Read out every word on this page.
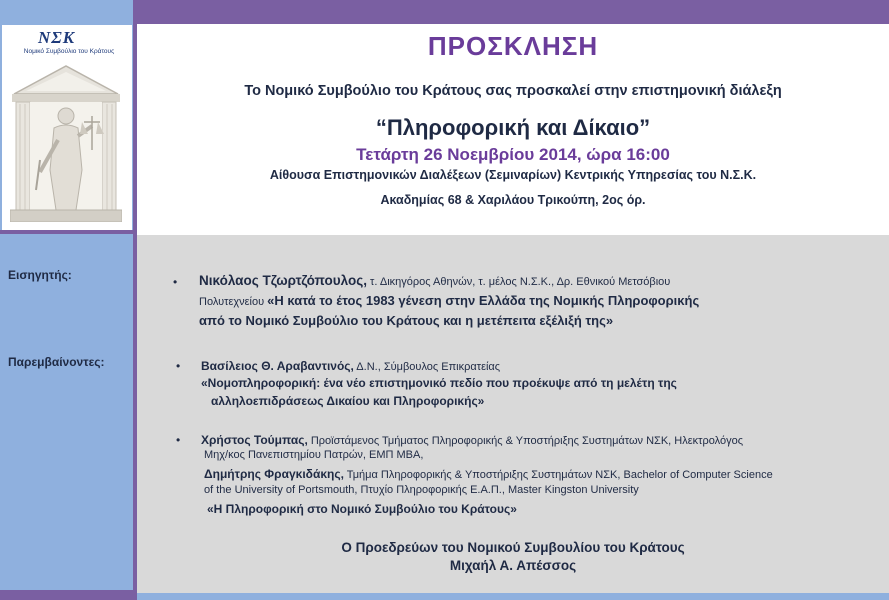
ΝΣΚ
Νομικό Συμβούλιο του Κράτους	ΠΡΟΣΚΛΗΣΗ
Το Νομικό Συμβούλιο του Κράτους σας προσκαλεί στην επιστημονική διάλεξη
“Πληροφορική και Δίκαιο”
Τετάρτη 26 Νοεμβρίου 2014, ώρα 16:00
Αίθουσα Επιστημονικών Διαλέξεων (Σεμιναρίων) Κεντρικής Υπηρεσίας του Ν.Σ.Κ.
Ακαδημίας 68 & Χαριλάου Τρικούπη, 2ος όρ.
Εισηγητής:
Παρεμβαίνοντες:
• Νικόλαος Τζωρτζόπουλος, τ. Δικηγόρος Αθηνών, τ. μέλος Ν.Σ.Κ., Δρ. Εθνικού Μετσόβιου
Πολυτεχνείου «Η κατά το έτος 1983 γένεση στην Ελλάδα της Νομικής Πληροφορικής
από το Νομικό Συμβούλιο του Κράτους και η μετέπειτα εξέλιξή της»
• Βασίλειος Θ. Αραβαντινός, Δ.Ν., Σύμβουλος Επικρατείας
«Νομοπληροφορική: ένα νέο επιστημονικό πεδίο που προέκυψε από τη μελέτη της
αλληλοεπιδράσεως Δικαίου και Πληροφορικής»
• Χρήστος Τούμπας, Προϊστάμενος Τμήματος Πληροφορικής & Υποστήριξης Συστημάτων ΝΣΚ, Ηλεκτρολόγος
Μηχ/κος Πανεπιστημίου Πατρών, ΕΜΠ ΜΒΑ,
Δημήτρης Φραγκιδάκης, Τμήμα Πληροφορικής & Υποστήριξης Συστημάτων ΝΣΚ, Bachelor of Computer Science
of the University of Portsmouth, Πτυχίο Πληροφορικής Ε.Α.Π., Master Kingston University
«Η Πληροφορική στο Νομικό Συμβούλιο του Κράτους»
Ο Προεδρεύων του Νομικού Συμβουλίου του Κράτους
Μιχαήλ Α. Απέσσος
